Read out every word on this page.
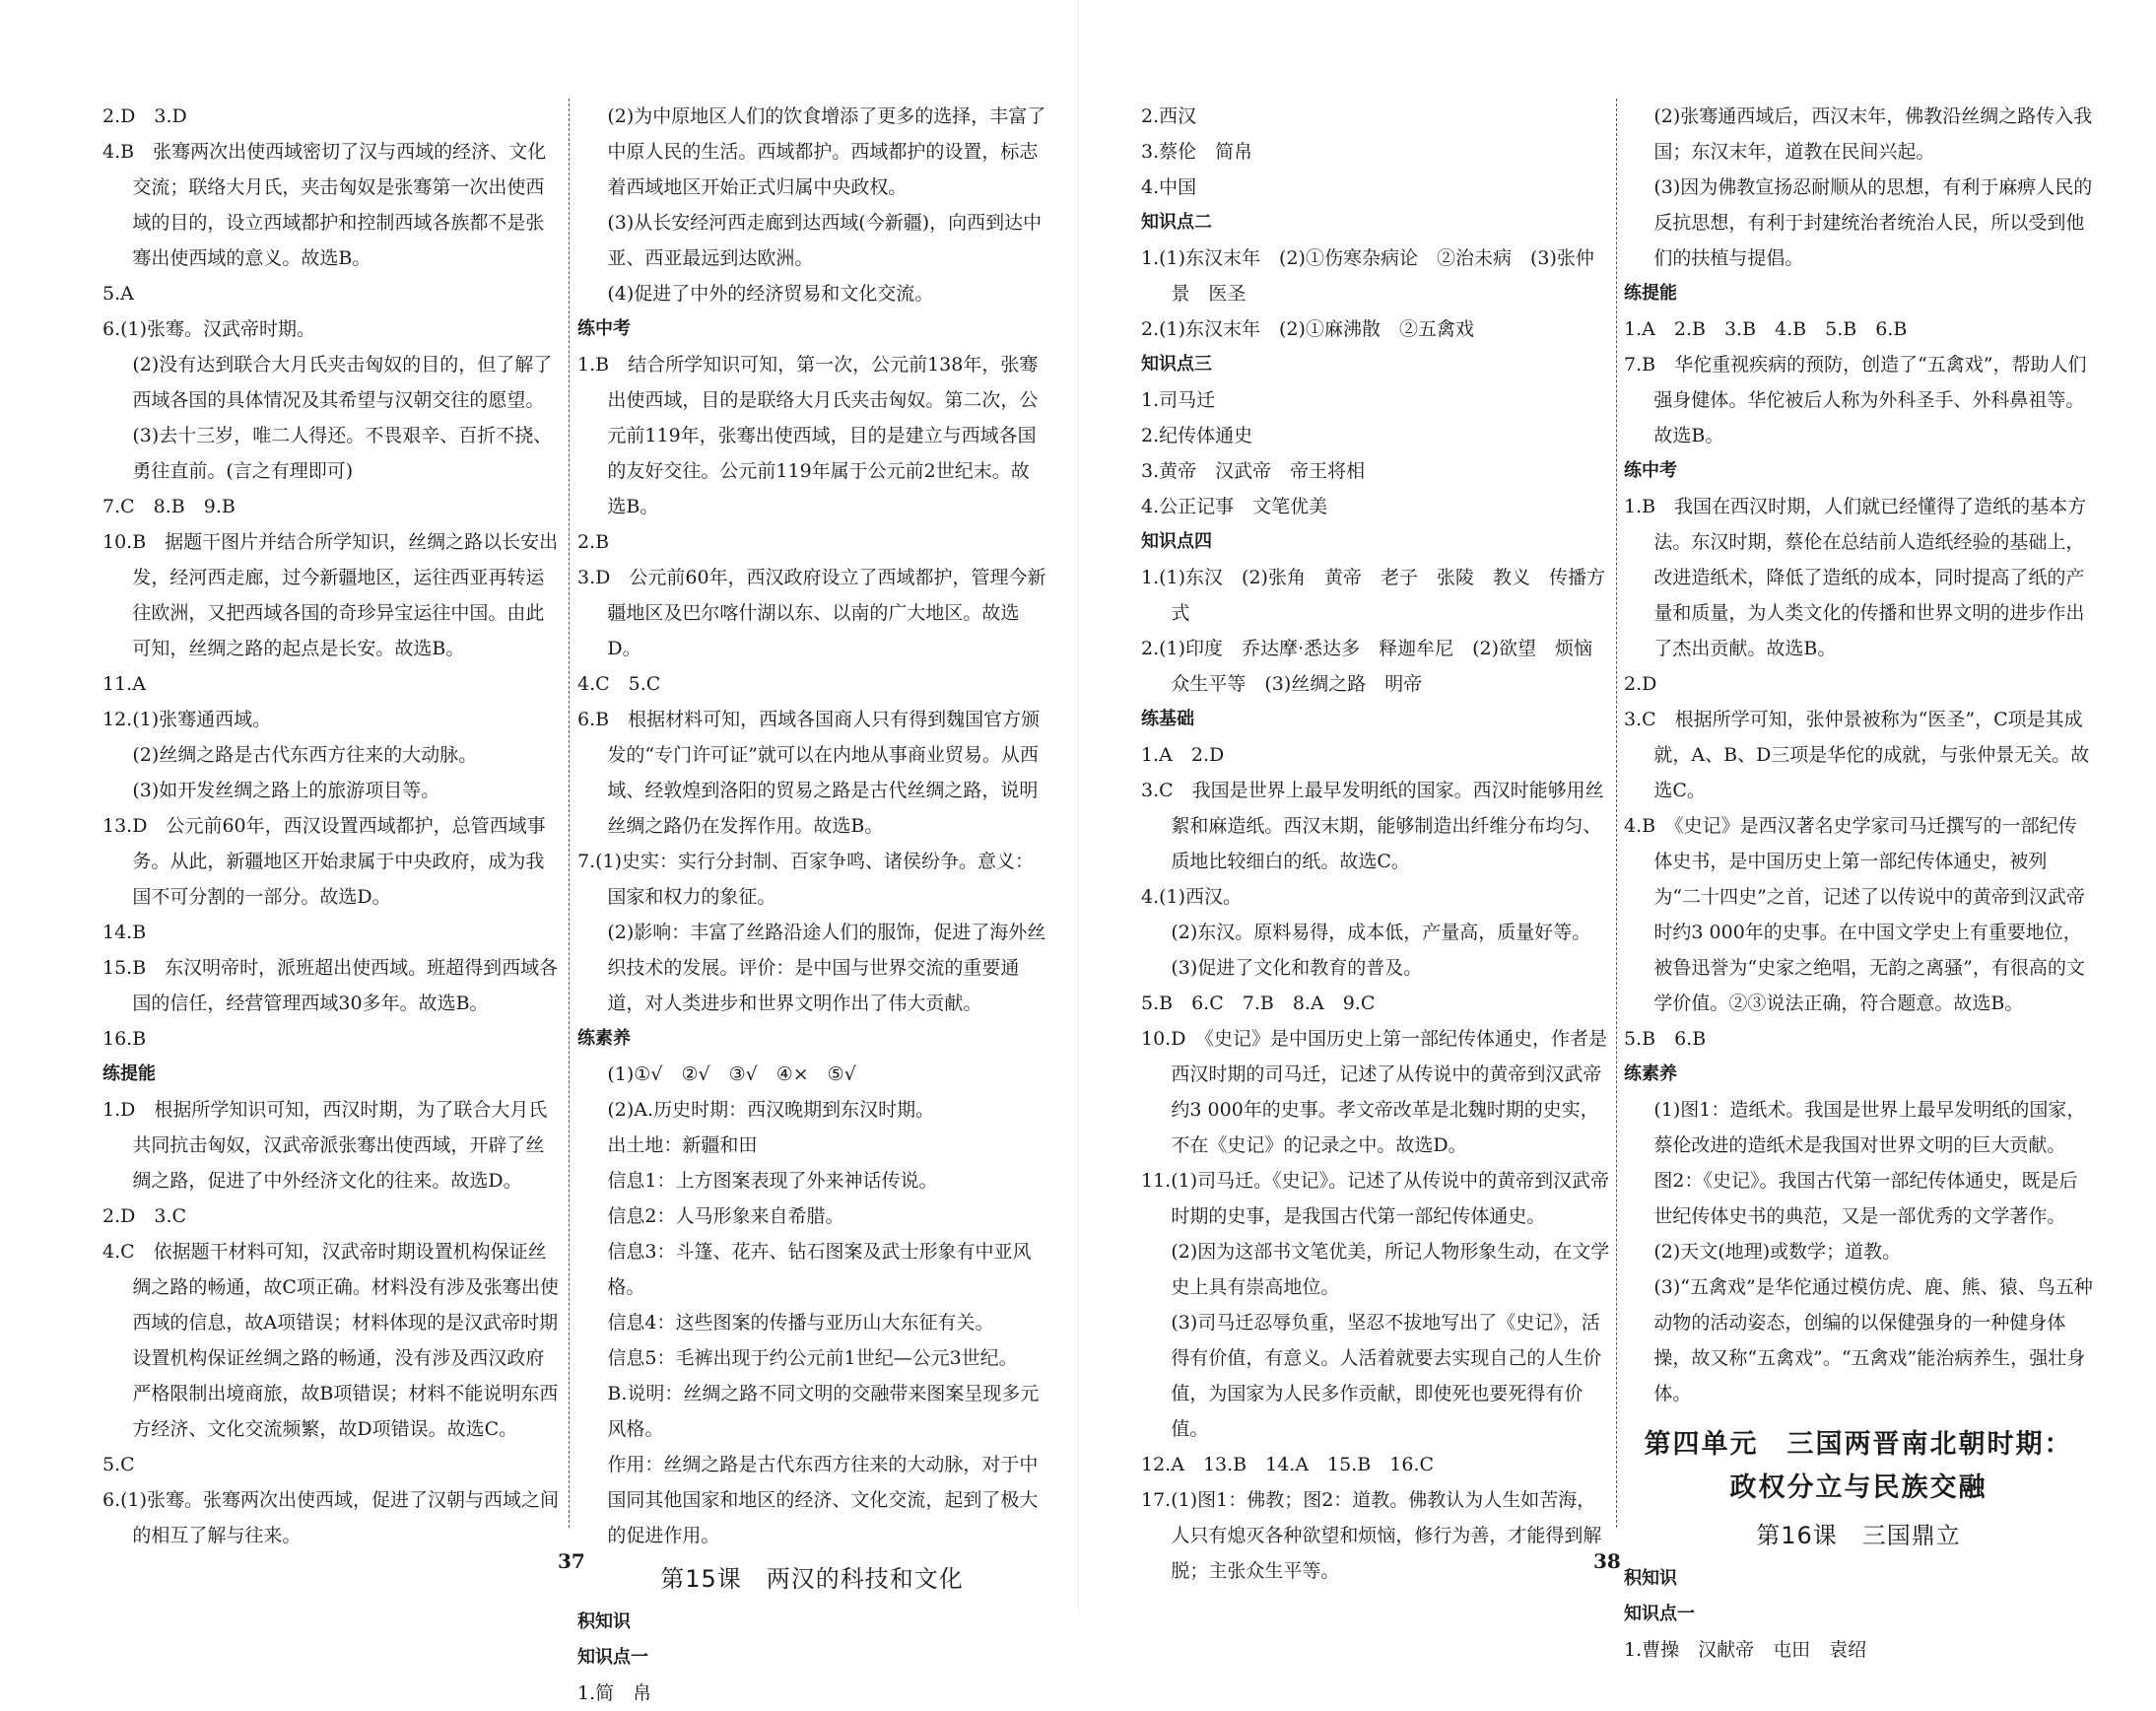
2.D　3.D

4.B　张骞两次出使西域密切了汉与西域的经济、文化交流；联络大月氏，夹击匈奴是张骞第一次出使西域的目的，设立西域都护和控制西域各族都不是张骞出使西域的意义。故选B。

5.A

6.(1)张骞。汉武帝时期。

(2)没有达到联合大月氏夹击匈奴的目的，但了解了西域各国的具体情况及其希望与汉朝交往的愿望。

(3)去十三岁，唯二人得还。不畏艰辛、百折不挠、勇往直前。(言之有理即可)

7.C　8.B　9.B

10.B　据题干图片并结合所学知识，丝绸之路以长安出发，经河西走廊，过今新疆地区，运往西亚再转运往欧洲，又把西域各国的奇珍异宝运往中国。由此可知，丝绸之路的起点是长安。故选B。

11.A

12.(1)张骞通西域。

(2)丝绸之路是古代东西方往来的大动脉。

(3)如开发丝绸之路上的旅游项目等。

13.D　公元前60年，西汉设置西域都护，总管西域事务。从此，新疆地区开始隶属于中央政府，成为我国不可分割的一部分。故选D。

14.B

15.B　东汉明帝时，派班超出使西域。班超得到西域各国的信任，经营管理西域30多年。故选B。

16.B

练提能

1.D　根据所学知识可知，西汉时期，为了联合大月氏共同抗击匈奴，汉武帝派张骞出使西域，开辟了丝绸之路，促进了中外经济文化的往来。故选D。

2.D　3.C

4.C　依据题干材料可知，汉武帝时期设置机构保证丝绸之路的畅通，故C项正确。材料没有涉及张骞出使西域的信息，故A项错误；材料体现的是汉武帝时期设置机构保证丝绸之路的畅通，没有涉及西汉政府严格限制出境商旅，故B项错误；材料不能说明东西方经济、文化交流频繁，故D项错误。故选C。

5.C

6.(1)张骞。张骞两次出使西域，促进了汉朝与西域之间的相互了解与往来。

(2)为中原地区人们的饮食增添了更多的选择，丰富了中原人民的生活。西域都护。西域都护的设置，标志着西域地区开始正式归属中央政权。

(3)从长安经河西走廊到达西域(今新疆)，向西到达中亚、西亚最远到达欧洲。

(4)促进了中外的经济贸易和文化交流。

练中考

1.B　结合所学知识可知，第一次，公元前138年，张骞出使西域，目的是联络大月氏夹击匈奴。第二次，公元前119年，张骞出使西域，目的是建立与西域各国的友好交往。公元前119年属于公元前2世纪末。故选B。

2.B

3.D　公元前60年，西汉政府设立了西域都护，管理今新疆地区及巴尔喀什湖以东、以南的广大地区。故选D。

4.C　5.C

6.B　根据材料可知，西域各国商人只有得到魏国官方颁发的“专门许可证”就可以在内地从事商业贸易。从西域、经敦煌到洛阳的贸易之路是古代丝绸之路，说明丝绸之路仍在发挥作用。故选B。

7.(1)史实：实行分封制、百家争鸣、诸侯纷争。意义：国家和权力的象征。

(2)影响：丰富了丝路沿途人们的服饰，促进了海外丝织技术的发展。评价：是中国与世界交流的重要通道，对人类进步和世界文明作出了伟大贡献。

练素养

(1)①√　②√　③√　④×　⑤√

(2)A.历史时期：西汉晚期到东汉时期。

出土地：新疆和田

信息1：上方图案表现了外来神话传说。

信息2：人马形象来自希腊。

信息3：斗篷、花卉、钻石图案及武士形象有中亚风格。

信息4：这些图案的传播与亚历山大东征有关。

信息5：毛裤出现于约公元前1世纪—公元3世纪。

B.说明：丝绸之路不同文明的交融带来图案呈现多元风格。

作用：丝绸之路是古代东西方往来的大动脉，对于中国同其他国家和地区的经济、文化交流，起到了极大的促进作用。

第15课　两汉的科技和文化

积知识

知识点一

1.简　帛

2.西汉

3.蔡伦　简帛

4.中国

知识点二

1.(1)东汉末年　(2)①伤寒杂病论　②治未病　(3)张仲景　医圣

2.(1)东汉末年　(2)①麻沸散　②五禽戏

知识点三

1.司马迁

2.纪传体通史

3.黄帝　汉武帝　帝王将相

4.公正记事　文笔优美

知识点四

1.(1)东汉　(2)张角　黄帝　老子　张陵　教义　传播方式

2.(1)印度　乔达摩·悉达多　释迦牟尼　(2)欲望　烦恼　众生平等　(3)丝绸之路　明帝

练基础

1.A　2.D

3.C　我国是世界上最早发明纸的国家。西汉时能够用丝絮和麻造纸。西汉末期，能够制造出纤维分布均匀、质地比较细白的纸。故选C。

4.(1)西汉。

(2)东汉。原料易得，成本低，产量高，质量好等。

(3)促进了文化和教育的普及。

5.B　6.C　7.B　8.A　9.C

10.D　《史记》是中国历史上第一部纪传体通史，作者是西汉时期的司马迁，记述了从传说中的黄帝到汉武帝约3 000年的史事。孝文帝改革是北魏时期的史实，不在《史记》的记录之中。故选D。

11.(1)司马迁。《史记》。记述了从传说中的黄帝到汉武帝时期的史事，是我国古代第一部纪传体通史。

(2)因为这部书文笔优美，所记人物形象生动，在文学史上具有崇高地位。

(3)司马迁忍辱负重，坚忍不拔地写出了《史记》，活得有价值，有意义。人活着就要去实现自己的人生价值，为国家为人民多作贡献，即使死也要死得有价值。

12.A　13.B　14.A　15.B　16.C

17.(1)图1：佛教；图2：道教。佛教认为人生如苦海，人只有熄灭各种欲望和烦恼，修行为善，才能得到解脱；主张众生平等。

(2)张骞通西域后，西汉末年，佛教沿丝绸之路传入我国；东汉末年，道教在民间兴起。

(3)因为佛教宣扬忍耐顺从的思想，有利于麻痹人民的反抗思想，有利于封建统治者统治人民，所以受到他们的扶植与提倡。

练提能

1.A　2.B　3.B　4.B　5.B　6.B

7.B　华佗重视疾病的预防，创造了“五禽戏”，帮助人们强身健体。华佗被后人称为外科圣手、外科鼻祖等。故选B。

练中考

1.B　我国在西汉时期，人们就已经懂得了造纸的基本方法。东汉时期，蔡伦在总结前人造纸经验的基础上，改进造纸术，降低了造纸的成本，同时提高了纸的产量和质量，为人类文化的传播和世界文明的进步作出了杰出贡献。故选B。

2.D

3.C　根据所学可知，张仲景被称为“医圣”，C项是其成就，A、B、D三项是华佗的成就，与张仲景无关。故选C。

4.B　《史记》是西汉著名史学家司马迁撰写的一部纪传体史书，是中国历史上第一部纪传体通史，被列为“二十四史”之首，记述了以传说中的黄帝到汉武帝时约3 000年的史事。在中国文学史上有重要地位，被鲁迅誉为“史家之绝唱，无韵之离骚”，有很高的文学价值。②③说法正确，符合题意。故选B。

5.B　6.B

练素养

(1)图1：造纸术。我国是世界上最早发明纸的国家，蔡伦改进的造纸术是我国对世界文明的巨大贡献。

图2：《史记》。我国古代第一部纪传体通史，既是后世纪传体史书的典范，又是一部优秀的文学著作。

(2)天文(地理)或数学；道教。

(3)“五禽戏”是华佗通过模仿虎、鹿、熊、猿、鸟五种动物的活动姿态，创编的以保健强身的一种健身体操，故又称“五禽戏”。“五禽戏”能治病养生，强壮身体。

第四单元　三国两晋南北朝时期：
政权分立与民族交融

第16课　三国鼎立

积知识

知识点一

1.曹操　汉献帝　屯田　袁绍

37	38
